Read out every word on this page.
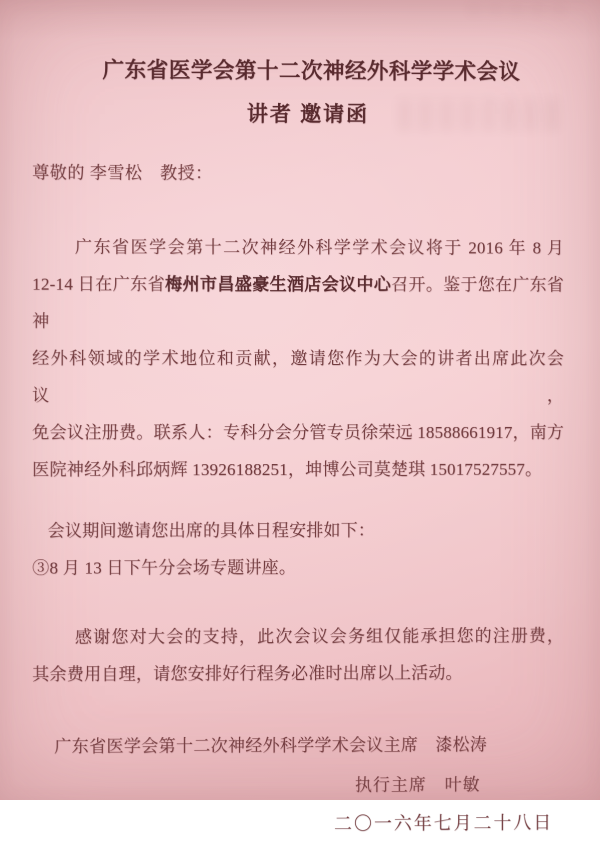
广东省医学会第十二次神经外科学学术会议
讲者 邀请函
尊敬的 李雪松　教授：
广东省医学会第十二次神经外科学学术会议将于 2016 年 8 月
12-14 日在广东省梅州市昌盛豪生酒店会议中心召开。鉴于您在广东省神
经外科领域的学术地位和贡献，邀请您作为大会的讲者出席此次会议，
免会议注册费。联系人：专科分会分管专员徐荣远 18588661917，南方
医院神经外科邱炳辉 13926188251，坤博公司莫楚琪 15017527557。
会议期间邀请您出席的具体日程安排如下：
③8 月 13 日下午分会场专题讲座。
感谢您对大会的支持，此次会议会务组仅能承担您的注册费，
其余费用自理，请您安排好行程务必准时出席以上活动。
广东省医学会第十二次神经外科学学术会议主席　漆松涛
执行主席　叶敏
二〇一六年七月二十八日
